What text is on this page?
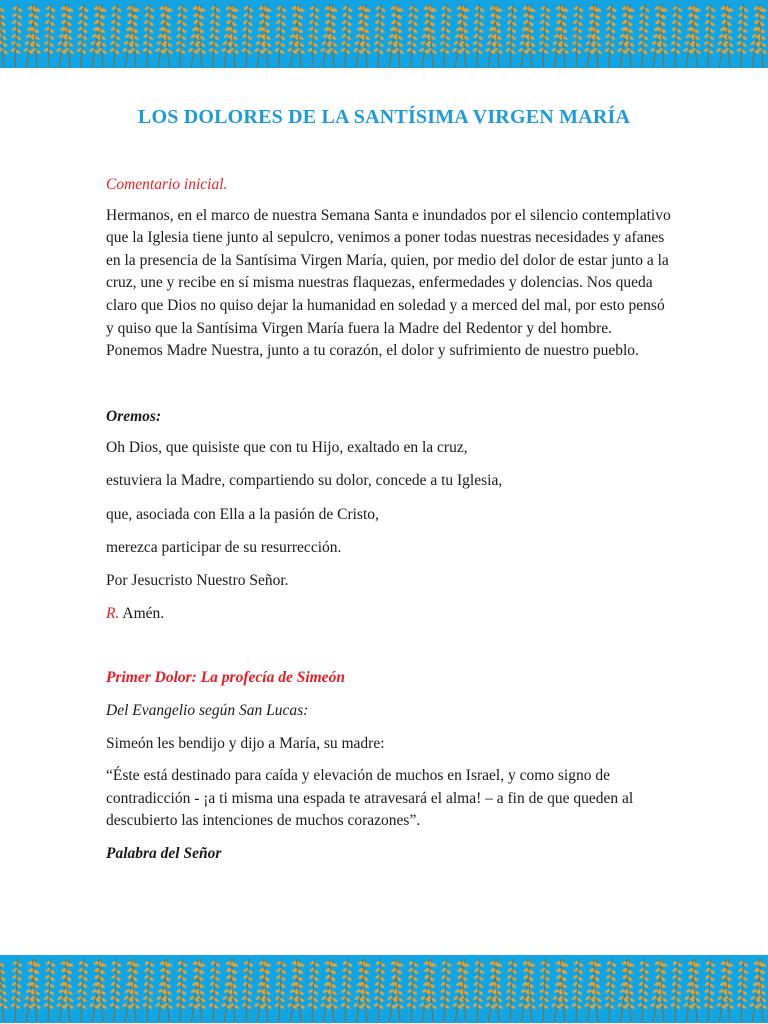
LOS DOLORES DE LA SANTÍSIMA VIRGEN MARÍA

Comentario inicial.

Hermanos, en el marco de nuestra Semana Santa e inundados por el silencio contemplativo que la Iglesia tiene junto al sepulcro, venimos a poner todas nuestras necesidades y afanes en la presencia de la Santísima Virgen María, quien, por medio del dolor de estar junto a la cruz, une y recibe en sí misma nuestras flaquezas, enfermedades y dolencias. Nos queda claro que Dios no quiso dejar la humanidad en soledad y a merced del mal, por esto pensó y quiso que la Santísima Virgen María fuera la Madre del Redentor y del hombre. Ponemos Madre Nuestra, junto a tu corazón, el dolor y sufrimiento de nuestro pueblo.

Oremos:

Oh Dios, que quisiste que con tu Hijo, exaltado en la cruz,

estuviera la Madre, compartiendo su dolor, concede a tu Iglesia,

que, asociada con Ella a la pasión de Cristo,

merezca participar de su resurrección.

Por Jesucristo Nuestro Señor.

R. Amén.

Primer Dolor: La profecía de Simeón

Del Evangelio según San Lucas:

Simeón les bendijo y dijo a María, su madre:

“Éste está destinado para caída y elevación de muchos en Israel, y como signo de contradicción - ¡a ti misma una espada te atravesará el alma! – a fin de que queden al descubierto las intenciones de muchos corazones”.

Palabra del Señor
